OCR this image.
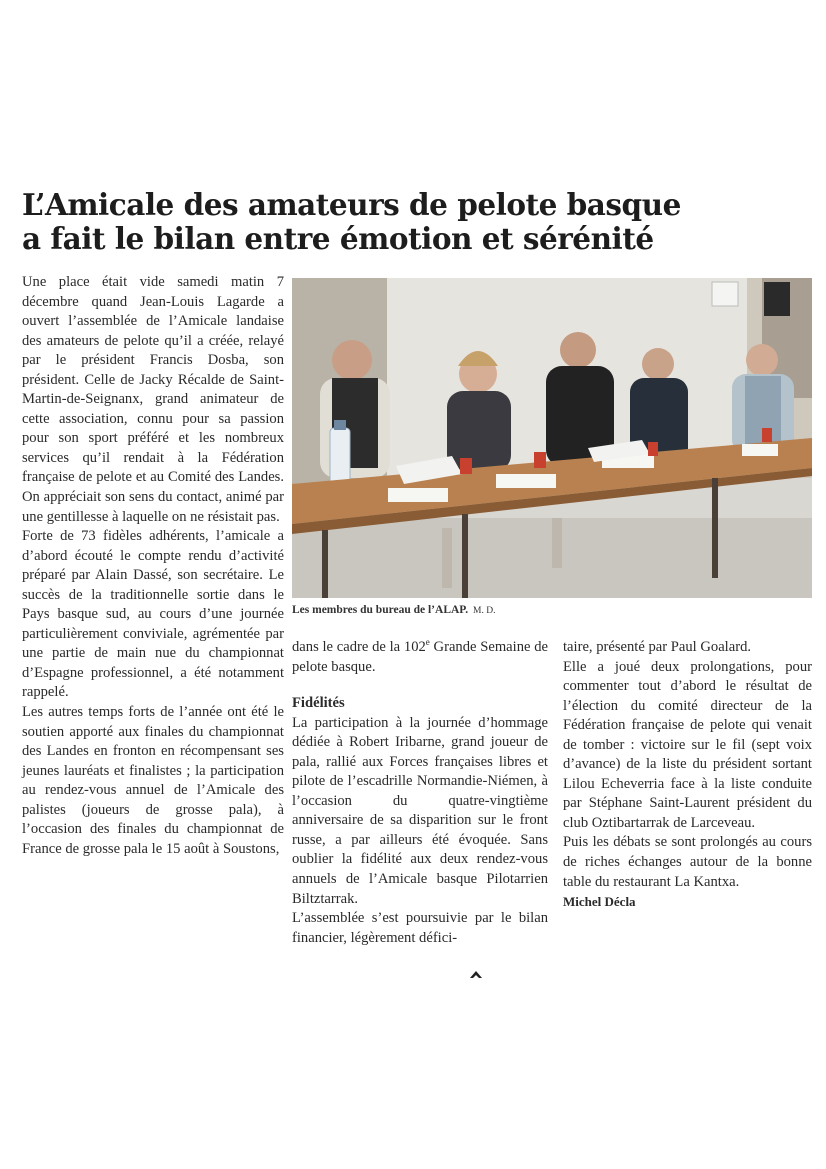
L’Amicale des amateurs de pelote basque
a fait le bilan entre émotion et sérénité

Une place était vide samedi matin 7 décembre quand Jean-Louis Lagarde a ouvert l’assemblée de l’Amicale landaise des amateurs de pelote qu’il a créée, relayé par le président Francis Dosba, son président. Celle de Jacky Récalde de Saint-Martin-de-Seignanx, grand animateur de cette association, connu pour sa passion pour son sport préféré et les nombreux services qu’il rendait à la Fédération française de pelote et au Comité des Landes. On appréciait son sens du contact, animé par une gentillesse à laquelle on ne résistait pas.

Forte de 73 fidèles adhérents, l’amicale a d’abord écouté le compte rendu d’activité préparé par Alain Dassé, son secrétaire. Le succès de la traditionnelle sortie dans le Pays basque sud, au cours d’une journée particulièrement conviviale, agrémentée par une partie de main nue du championnat d’Espagne professionnel, a été notamment rappelé.

Les autres temps forts de l’année ont été le soutien apporté aux finales du championnat des Landes en fronton en récompensant ses jeunes lauréats et finalistes ; la participation au rendez-vous annuel de l’Amicale des palistes (joueurs de grosse pala), à l’occasion des finales du championnat de France de grosse pala le 15 août à Soustons,

Les membres du bureau de l’ALAP. M. D.

dans le cadre de la 102e Grande Semaine de pelote basque.

Fidélités

La participation à la journée d’hommage dédiée à Robert Iribarne, grand joueur de pala, rallié aux Forces françaises libres et pilote de l’escadrille Normandie-Niémen, à l’occasion du quatre-vingtième anniversaire de sa disparition sur le front russe, a par ailleurs été évoquée. Sans oublier la fidélité aux deux rendez-vous annuels de l’Amicale basque Pilotarrien Biltztarrak.

L’assemblée s’est poursuivie par le bilan financier, légèrement défici-

taire, présenté par Paul Goalard.

Elle a joué deux prolongations, pour commenter tout d’abord le résultat de l’élection du comité directeur de la Fédération française de pelote qui venait de tomber : victoire sur le fil (sept voix d’avance) de la liste du président sortant Lilou Echeverria face à la liste conduite par Stéphane Saint-Laurent président du club Oztibartarrak de Larceveau.

Puis les débats se sont prolongés au cours de riches échanges autour de la bonne table du restaurant La Kantxa.

Michel Décla
